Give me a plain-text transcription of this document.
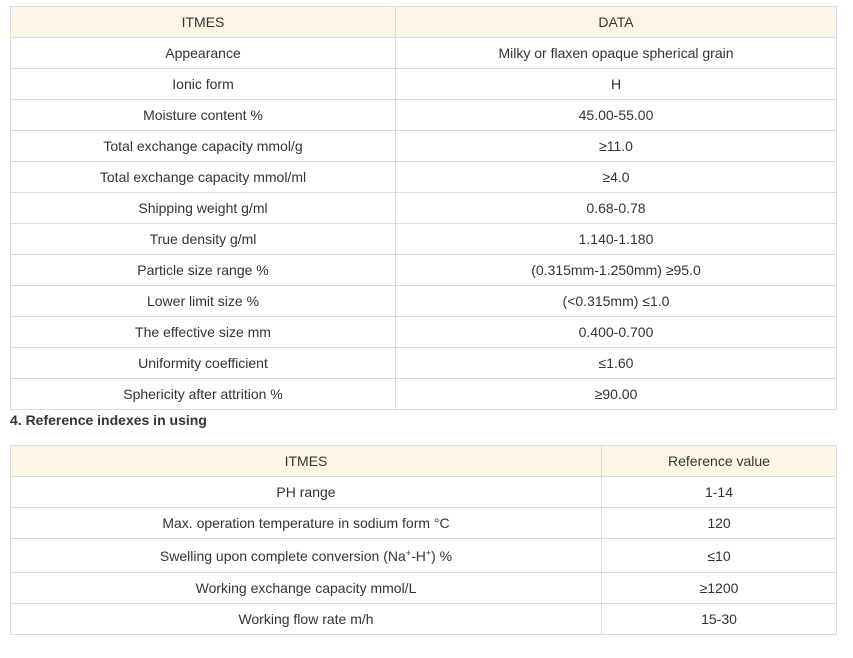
ITMES	DATA
Appearance	Milky or flaxen opaque spherical grain
Ionic form	H
Moisture content %	45.00-55.00
Total exchange capacity mmol/g	≥11.0
Total exchange capacity mmol/ml	≥4.0
Shipping weight g/ml	0.68-0.78
True density g/ml	1.140-1.180
Particle size range %	(0.315mm-1.250mm) ≥95.0
Lower limit size %	(<0.315mm) ≤1.0
The effective size mm	0.400-0.700
Uniformity coefficient	≤1.60
Sphericity after attrition %	≥90.00
4. Reference indexes in using
ITMES	Reference value
PH range	1-14
Max. operation temperature in sodium form °C	120
Swelling upon complete conversion (Na+-H+) %	≤10
Working exchange capacity mmol/L	≥1200
Working flow rate m/h	15-30
